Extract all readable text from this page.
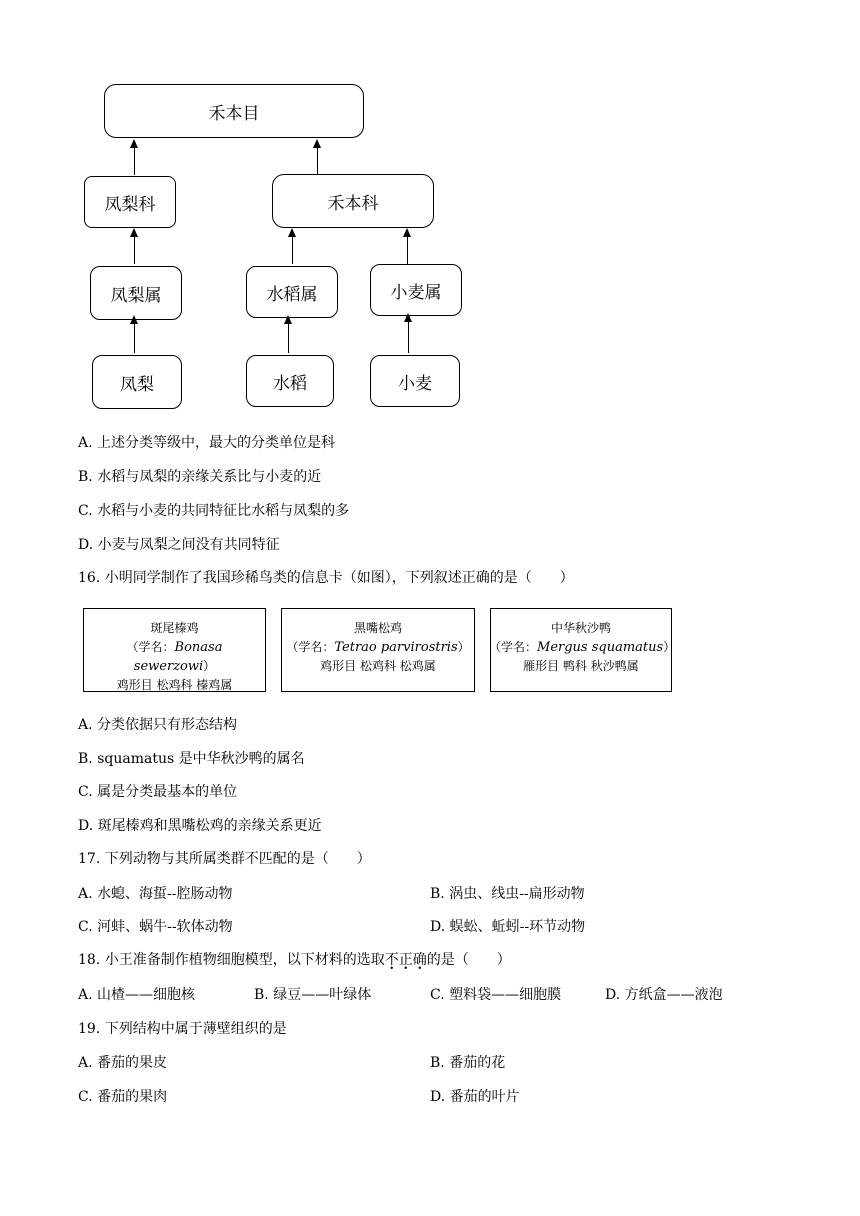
禾本目
凤梨科	禾本科
凤梨属	水稻属	小麦属
凤梨	水稻	小麦
A. 上述分类等级中，最大的分类单位是科
B. 水稻与凤梨的亲缘关系比与小麦的近
C. 水稻与小麦的共同特征比水稻与凤梨的多
D. 小麦与凤梨之间没有共同特征
16. 小明同学制作了我国珍稀鸟类的信息卡（如图），下列叙述正确的是（　　）
斑尾榛鸡
（学名：Bonasa sewerzowi）
鸡形目 松鸡科 榛鸡属
黑嘴松鸡
（学名：Tetrao parvirostris）
鸡形目 松鸡科 松鸡属
中华秋沙鸭
（学名：Mergus squamatus）
雁形目 鸭科 秋沙鸭属
A. 分类依据只有形态结构
B. squamatus 是中华秋沙鸭的属名
C. 属是分类最基本的单位
D. 斑尾榛鸡和黑嘴松鸡的亲缘关系更近
17. 下列动物与其所属类群不匹配的是（　　）
A. 水螅、海蜇--腔肠动物	B. 涡虫、线虫--扁形动物
C. 河蚌、蜗牛--软体动物	D. 蜈蚣、蚯蚓--环节动物
18. 小王准备制作植物细胞模型，以下材料的选取不正确的是（　　）
A. 山楂——细胞核	B. 绿豆——叶绿体	C. 塑料袋——细胞膜	D. 方纸盒——液泡
19. 下列结构中属于薄壁组织的是
A. 番茄的果皮	B. 番茄的花
C. 番茄的果肉	D. 番茄的叶片
